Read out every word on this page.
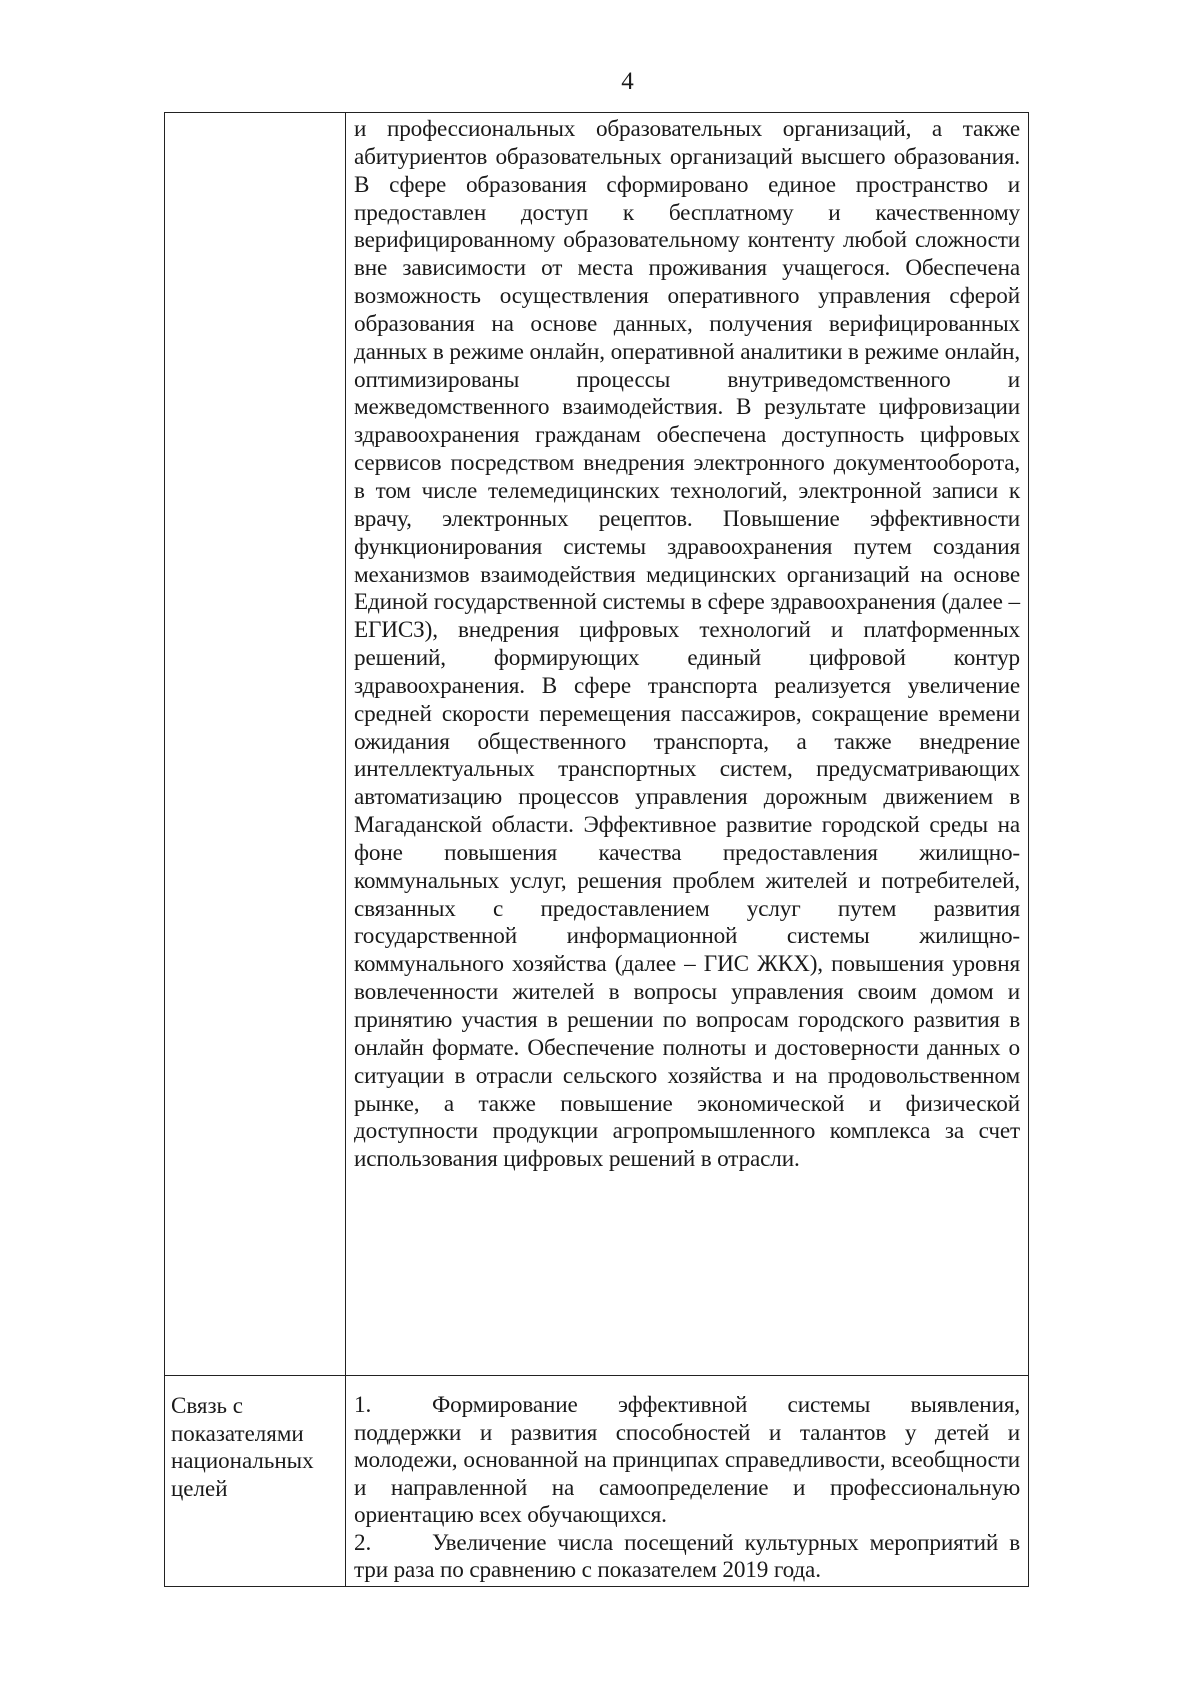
4

	и профессиональных образовательных организаций, а также абитуриентов образовательных организаций высшего образования. В сфере образования сформировано единое пространство и предоставлен доступ к бесплатному и качественному верифицированному образовательному контенту любой сложности вне зависимости от места проживания учащегося. Обеспечена возможность осуществления оперативного управления сферой образования на основе данных, получения верифицированных данных в режиме онлайн, оперативной аналитики в режиме онлайн, оптимизированы процессы внутриведомственного и межведомственного взаимодействия. В результате цифровизации здравоохранения гражданам обеспечена доступность цифровых сервисов посредством внедрения электронного документооборота, в том числе телемедицинских технологий, электронной записи к врачу, электронных рецептов. Повышение эффективности функционирования системы здравоохранения путем создания механизмов взаимодействия медицинских организаций на основе Единой государственной системы в сфере здравоохранения (далее – ЕГИСЗ), внедрения цифровых технологий и платформенных решений, формирующих единый цифровой контур здравоохранения. В сфере транспорта реализуется увеличение средней скорости перемещения пассажиров, сокращение времени ожидания общественного транспорта, а также внедрение интеллектуальных транспортных систем, предусматривающих автоматизацию процессов управления дорожным движением в Магаданской области. Эффективное развитие городской среды на фоне повышения качества предоставления жилищно-коммунальных услуг, решения проблем жителей и потребителей, связанных с предоставлением услуг путем развития государственной информационной системы жилищно-коммунального хозяйства (далее – ГИС ЖКХ), повышения уровня вовлеченности жителей в вопросы управления своим домом и принятию участия в решении по вопросам городского развития в онлайн формате. Обеспечение полноты и достоверности данных о ситуации в отрасли сельского хозяйства и на продовольственном рынке, а также повышение экономической и физической доступности продукции агропромышленного комплекса за счет использования цифровых решений в отрасли.

Связь с показателями национальных целей	1. Формирование эффективной системы выявления, поддержки и развития способностей и талантов у детей и молодежи, основанной на принципах справедливости, всеобщности и направленной на самоопределение и профессиональную ориентацию всех обучающихся.
2. Увеличение числа посещений культурных мероприятий в три раза по сравнению с показателем 2019 года.
